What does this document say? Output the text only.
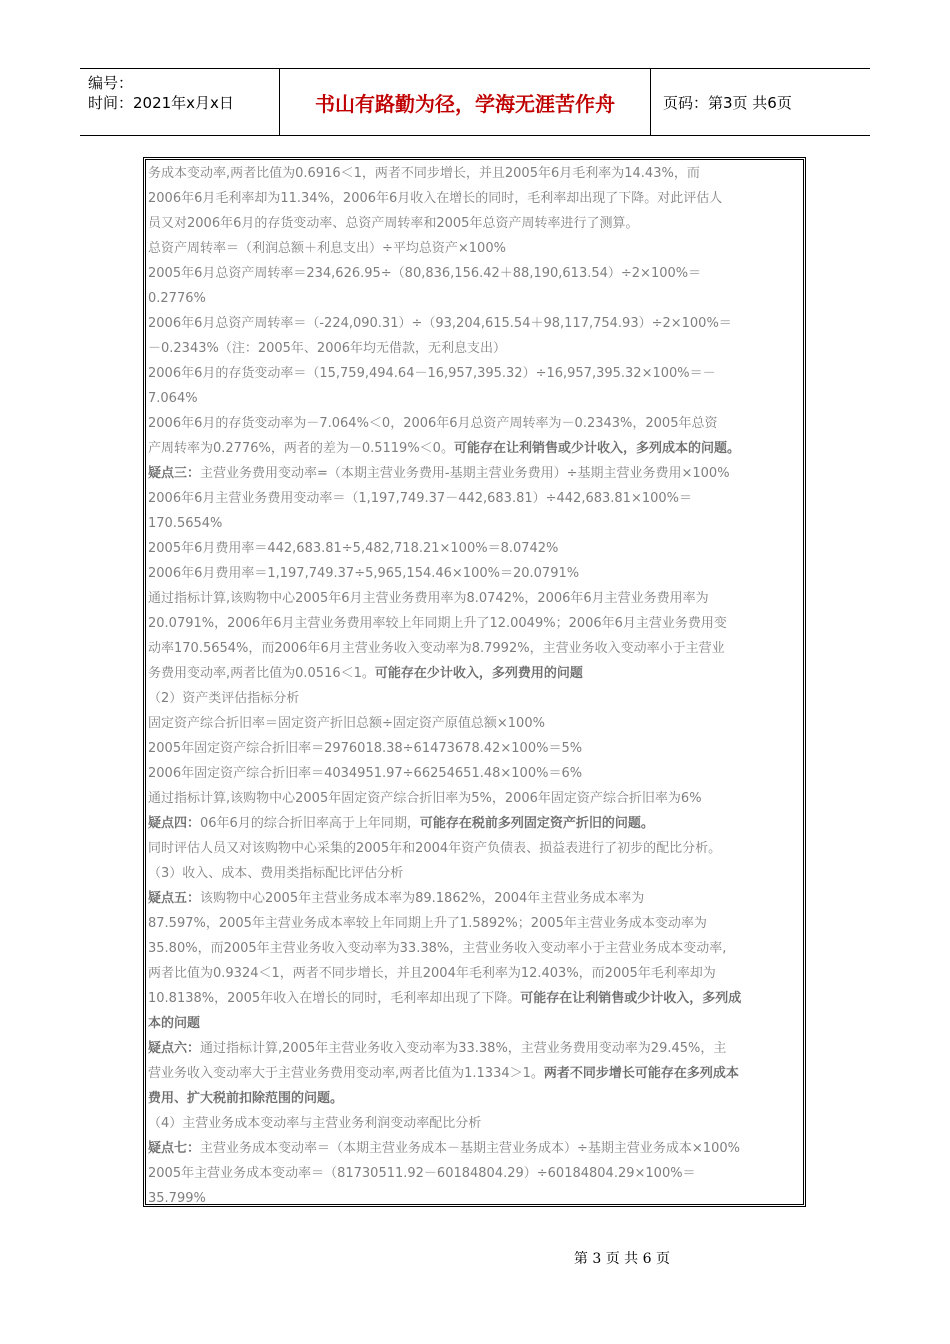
编号：
时间：2021年x月x日	书山有路勤为径，学海无涯苦作舟	页码：第3页 共6页
务成本变动率,两者比值为0.6916＜1，两者不同步增长，并且2005年6月毛利率为14.43%，而
2006年6月毛利率却为11.34%，2006年6月收入在增长的同时，毛利率却出现了下降。对此评估人
员又对2006年6月的存货变动率、总资产周转率和2005年总资产周转率进行了测算。
总资产周转率＝（利润总额＋利息支出）÷平均总资产×100%
2005年6月总资产周转率＝234,626.95÷（80,836,156.42＋88,190,613.54）÷2×100%＝
0.2776%
2006年6月总资产周转率＝（-224,090.31）÷（93,204,615.54＋98,117,754.93）÷2×100%＝
－0.2343%（注：2005年、2006年均无借款，无利息支出）
2006年6月的存货变动率＝（15,759,494.64－16,957,395.32）÷16,957,395.32×100%＝－
7.064%
2006年6月的存货变动率为－7.064%＜0，2006年6月总资产周转率为－0.2343%，2005年总资
产周转率为0.2776%，两者的差为－0.5119%＜0。可能存在让利销售或少计收入，多列成本的问题。
疑点三：主营业务费用变动率=（本期主营业务费用-基期主营业务费用）÷基期主营业务费用×100%
2006年6月主营业务费用变动率＝（1,197,749.37－442,683.81）÷442,683.81×100%＝
170.5654%
2005年6月费用率＝442,683.81÷5,482,718.21×100%＝8.0742%
2006年6月费用率＝1,197,749.37÷5,965,154.46×100%＝20.0791%
通过指标计算,该购物中心2005年6月主营业务费用率为8.0742%，2006年6月主营业务费用率为
20.0791%，2006年6月主营业务费用率较上年同期上升了12.0049%；2006年6月主营业务费用变
动率170.5654%，而2006年6月主营业务收入变动率为8.7992%，主营业务收入变动率小于主营业
务费用变动率,两者比值为0.0516＜1。可能存在少计收入，多列费用的问题
（2）资产类评估指标分析
固定资产综合折旧率＝固定资产折旧总额÷固定资产原值总额×100%
2005年固定资产综合折旧率＝2976018.38÷61473678.42×100%＝5%
2006年固定资产综合折旧率＝4034951.97÷66254651.48×100%＝6%
通过指标计算,该购物中心2005年固定资产综合折旧率为5%，2006年固定资产综合折旧率为6%
疑点四：06年6月的综合折旧率高于上年同期，可能存在税前多列固定资产折旧的问题。
同时评估人员又对该购物中心采集的2005年和2004年资产负债表、损益表进行了初步的配比分析。
（3）收入、成本、费用类指标配比评估分析
疑点五：该购物中心2005年主营业务成本率为89.1862%，2004年主营业务成本率为
87.597%，2005年主营业务成本率较上年同期上升了1.5892%；2005年主营业务成本变动率为
35.80%，而2005年主营业务收入变动率为33.38%，主营业务收入变动率小于主营业务成本变动率,
两者比值为0.9324＜1，两者不同步增长，并且2004年毛利率为12.403%，而2005年毛利率却为
10.8138%，2005年收入在增长的同时，毛利率却出现了下降。可能存在让利销售或少计收入，多列成
本的问题
疑点六：通过指标计算,2005年主营业务收入变动率为33.38%，主营业务费用变动率为29.45%，主
营业务收入变动率大于主营业务费用变动率,两者比值为1.1334＞1。两者不同步增长可能存在多列成本
费用、扩大税前扣除范围的问题。
（4）主营业务成本变动率与主营业务利润变动率配比分析
疑点七：主营业务成本变动率＝（本期主营业务成本－基期主营业务成本）÷基期主营业务成本×100%
2005年主营业务成本变动率＝（81730511.92－60184804.29）÷60184804.29×100%＝
35.799%
第 3 页 共 6 页
